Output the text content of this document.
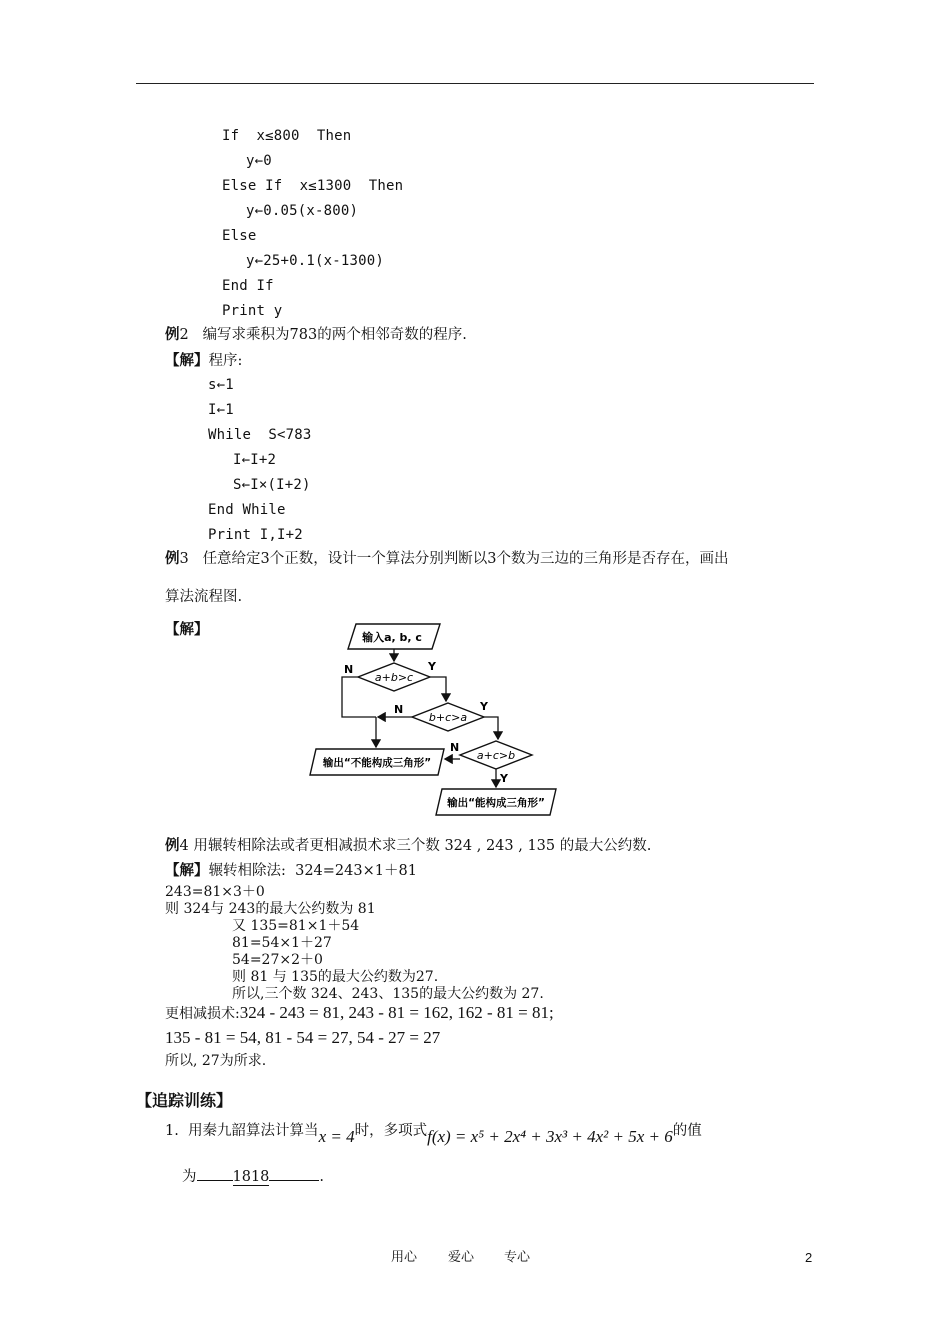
If  x≤800  Then
y←0
Else If  x≤1300  Then
y←0.05(x-800)
Else
y←25+0.1(x-1300)
End If
Print y
例2 编写求乘积为783的两个相邻奇数的程序.
【解】程序:
s←1
I←1
While  S<783
I←I+2
S←I×(I+2)
End While
Print I,I+2
例3 任意给定3个正数，设计一个算法分别判断以3个数为三边的三角形是否存在，画出
算法流程图.
【解】	输入a, b, c
a+b>c
N	Y
b+c>a
N	Y
a+c>b
N
Y
输出“不能构成三角形”
输出“能构成三角形”
例4 用辗转相除法或者更相减损术求三个数 324 , 243 , 135 的最大公约数.
【解】辗转相除法:  324=243×1＋81
243=81×3＋0
则 324与 243的最大公约数为 81
又 135=81×1＋54
81=54×1＋27
54=27×2＋0
则 81 与 135的最大公约数为27.
所以,三个数 324、243、135的最大公约数为 27.
更相减损术:324 - 243 = 81, 243 - 81 = 162, 162 - 81 = 81;
135 - 81 = 54, 81 - 54 = 27, 54 - 27 = 27
所以, 27为所求.
【追踪训练】
1. 用秦九韶算法计算当x = 4时，多项式f(x) = x⁵ + 2x⁴ + 3x³ + 4x² + 5x + 6的值
为 1818	.
用心 爱心 专心	2
